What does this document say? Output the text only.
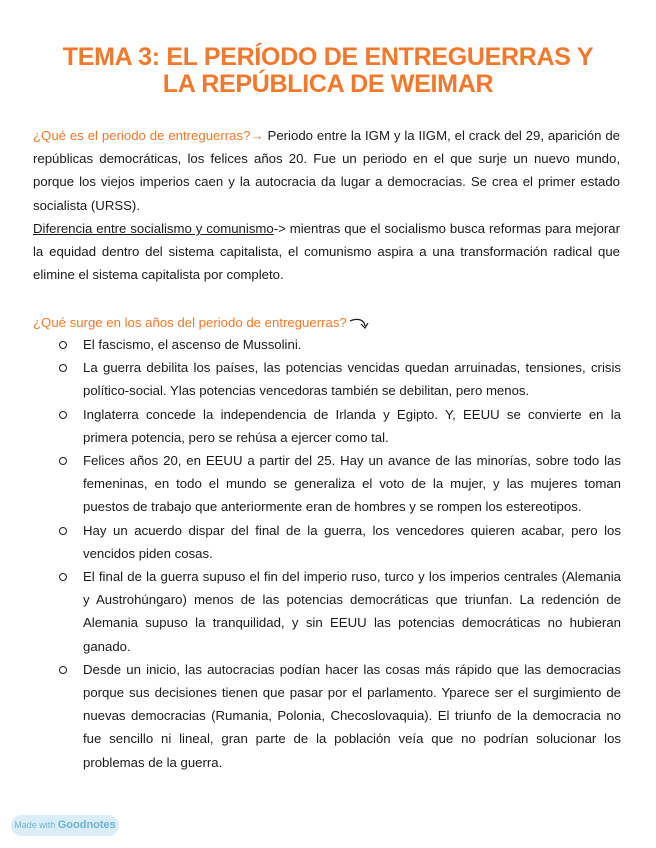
TEMA 3: EL PERÍODO DE ENTREGUERRAS Y
LA REPÚBLICA DE WEIMAR
¿Qué es el periodo de entreguerras?→ Periodo entre la IGM y la IIGM, el crack del 29, aparición de repúblicas democráticas, los felices años 20. Fue un periodo en el que surje un nuevo mundo, porque los viejos imperios caen y la autocracia da lugar a democracias. Se crea el primer estado socialista (URSS).
Diferencia entre socialismo y comunismo-> mientras que el socialismo busca reformas para mejorar la equidad dentro del sistema capitalista, el comunismo aspira a una transformación radical que elimine el sistema capitalista por completo.
¿Qué surge en los años del periodo de entreguerras?
El fascismo, el ascenso de Mussolini.
La guerra debilita los países, las potencias vencidas quedan arruinadas, tensiones, crisis político-social. Ylas potencias vencedoras también se debilitan, pero menos.
Inglaterra concede la independencia de Irlanda y Egipto. Y, EEUU se convierte en la primera potencia, pero se rehúsa a ejercer como tal.
Felices años 20, en EEUU a partir del 25. Hay un avance de las minorías, sobre todo las femeninas, en todo el mundo se generaliza el voto de la mujer, y las mujeres toman puestos de trabajo que anteriormente eran de hombres y se rompen los estereotipos.
Hay un acuerdo dispar del final de la guerra, los vencedores quieren acabar, pero los vencidos piden cosas.
El final de la guerra supuso el fin del imperio ruso, turco y los imperios centrales (Alemania y Austrohúngaro) menos de las potencias democráticas que triunfan. La redención de Alemania supuso la tranquilidad, y sin EEUU las potencias democráticas no hubieran ganado.
Desde un inicio, las autocracias podían hacer las cosas más rápido que las democracias porque sus decisiones tienen que pasar por el parlamento. Yparece ser el surgimiento de nuevas democracias (Rumania, Polonia, Checoslovaquia). El triunfo de la democracia no fue sencillo ni lineal, gran parte de la población veía que no podrían solucionar los problemas de la guerra.
Made with Goodnotes
